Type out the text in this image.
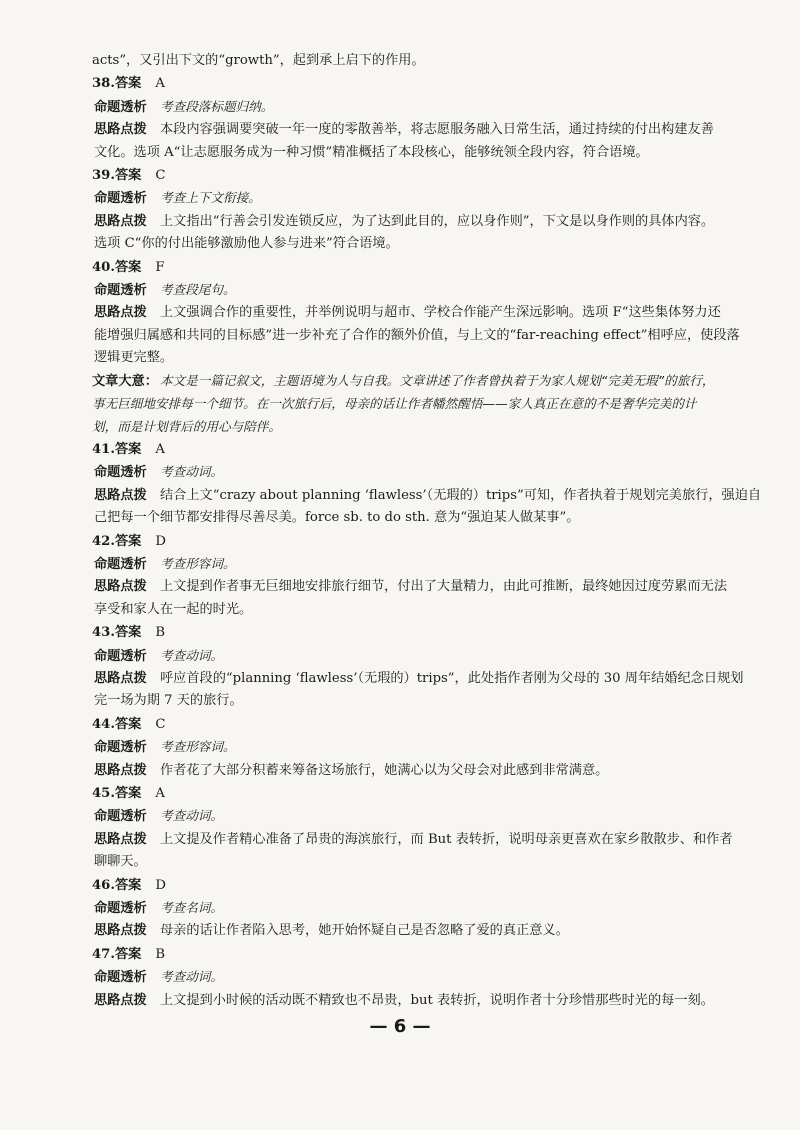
acts”，又引出下文的“growth”，起到承上启下的作用。
38.答案 A
命题透析 考查段落标题归纳。
思路点拨 本段内容强调要突破一年一度的零散善举，将志愿服务融入日常生活，通过持续的付出构建友善
文化。选项 A“让志愿服务成为一种习惯”精准概括了本段核心，能够统领全段内容，符合语境。
39.答案 C
命题透析 考查上下文衔接。
思路点拨 上文指出“行善会引发连锁反应，为了达到此目的，应以身作则”，下文是以身作则的具体内容。
选项 C“你的付出能够激励他人参与进来”符合语境。
40.答案 F
命题透析 考查段尾句。
思路点拨 上文强调合作的重要性，并举例说明与超市、学校合作能产生深远影响。选项 F“这些集体努力还
能增强归属感和共同的目标感”进一步补充了合作的额外价值，与上文的“far-reaching effect”相呼应，使段落
逻辑更完整。
文章大意： 本文是一篇记叙文，主题语境为人与自我。文章讲述了作者曾执着于为家人规划“完美无瑕”的旅行，
事无巨细地安排每一个细节。在一次旅行后，母亲的话让作者幡然醒悟——家人真正在意的不是奢华完美的计
划，而是计划背后的用心与陪伴。
41.答案 A
命题透析 考查动词。
思路点拨 结合上文“crazy about planning ‘flawless’（无瑕的）trips”可知，作者执着于规划完美旅行，强迫自
己把每一个细节都安排得尽善尽美。force sb. to do sth. 意为“强迫某人做某事”。
42.答案 D
命题透析 考查形容词。
思路点拨 上文提到作者事无巨细地安排旅行细节，付出了大量精力，由此可推断，最终她因过度劳累而无法
享受和家人在一起的时光。
43.答案 B
命题透析 考查动词。
思路点拨 呼应首段的“planning ‘flawless’（无瑕的）trips”，此处指作者刚为父母的 30 周年结婚纪念日规划
完一场为期 7 天的旅行。
44.答案 C
命题透析 考查形容词。
思路点拨 作者花了大部分积蓄来筹备这场旅行，她满心以为父母会对此感到非常满意。
45.答案 A
命题透析 考查动词。
思路点拨 上文提及作者精心准备了昂贵的海滨旅行，而 But 表转折，说明母亲更喜欢在家乡散散步、和作者
聊聊天。
46.答案 D
命题透析 考查名词。
思路点拨 母亲的话让作者陷入思考，她开始怀疑自己是否忽略了爱的真正意义。
47.答案 B
命题透析 考查动词。
思路点拨 上文提到小时候的活动既不精致也不昂贵，but 表转折，说明作者十分珍惜那些时光的每一刻。
— 6 —
